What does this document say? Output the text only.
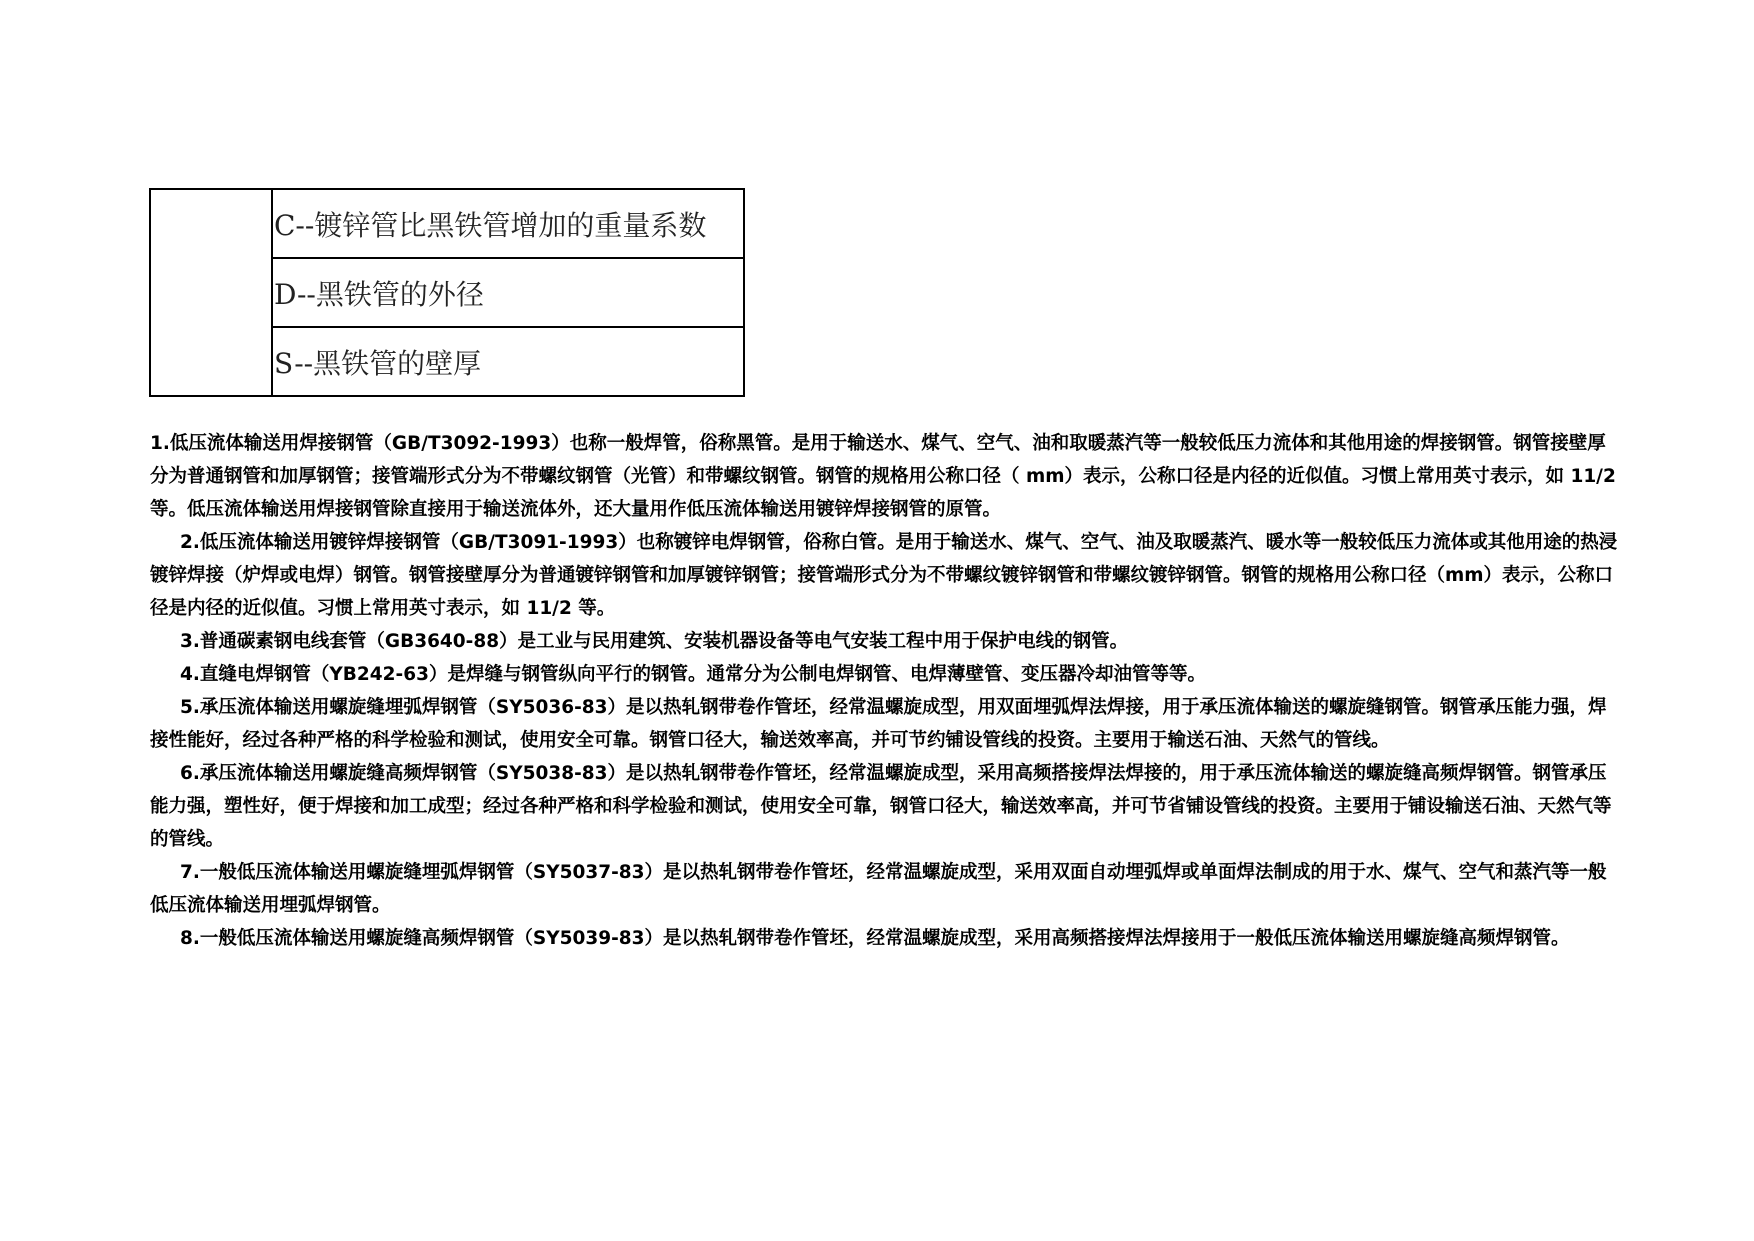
	C--镀锌管比黑铁管增加的重量系数
D--黑铁管的外径
S--黑铁管的壁厚

1.低压流体输送用焊接钢管（GB/T3092-1993）也称一般焊管，俗称黑管。是用于输送水、煤气、空气、油和取暖蒸汽等一般较低压力流体和其他用途的焊接钢管。钢管接壁厚分为普通钢管和加厚钢管；接管端形式分为不带螺纹钢管（光管）和带螺纹钢管。钢管的规格用公称口径（ mm）表示，公称口径是内径的近似值。习惯上常用英寸表示，如 11/2 等。低压流体输送用焊接钢管除直接用于输送流体外，还大量用作低压流体输送用镀锌焊接钢管的原管。

2.低压流体输送用镀锌焊接钢管（GB/T3091-1993）也称镀锌电焊钢管，俗称白管。是用于输送水、煤气、空气、油及取暖蒸汽、暖水等一般较低压力流体或其他用途的热浸镀锌焊接（炉焊或电焊）钢管。钢管接壁厚分为普通镀锌钢管和加厚镀锌钢管；接管端形式分为不带螺纹镀锌钢管和带螺纹镀锌钢管。钢管的规格用公称口径（mm）表示，公称口径是内径的近似值。习惯上常用英寸表示，如 11/2 等。

3.普通碳素钢电线套管（GB3640-88）是工业与民用建筑、安装机器设备等电气安装工程中用于保护电线的钢管。

4.直缝电焊钢管（YB242-63）是焊缝与钢管纵向平行的钢管。通常分为公制电焊钢管、电焊薄壁管、变压器冷却油管等等。

5.承压流体输送用螺旋缝埋弧焊钢管（SY5036-83）是以热轧钢带卷作管坯，经常温螺旋成型，用双面埋弧焊法焊接，用于承压流体输送的螺旋缝钢管。钢管承压能力强，焊接性能好，经过各种严格的科学检验和测试，使用安全可靠。钢管口径大，输送效率高，并可节约铺设管线的投资。主要用于输送石油、天然气的管线。

6.承压流体输送用螺旋缝高频焊钢管（SY5038-83）是以热轧钢带卷作管坯，经常温螺旋成型，采用高频搭接焊法焊接的，用于承压流体输送的螺旋缝高频焊钢管。钢管承压能力强，塑性好，便于焊接和加工成型；经过各种严格和科学检验和测试，使用安全可靠，钢管口径大，输送效率高，并可节省铺设管线的投资。主要用于铺设输送石油、天然气等的管线。

7.一般低压流体输送用螺旋缝埋弧焊钢管（SY5037-83）是以热轧钢带卷作管坯，经常温螺旋成型，采用双面自动埋弧焊或单面焊法制成的用于水、煤气、空气和蒸汽等一般低压流体输送用埋弧焊钢管。

8.一般低压流体输送用螺旋缝高频焊钢管（SY5039-83）是以热轧钢带卷作管坯，经常温螺旋成型，采用高频搭接焊法焊接用于一般低压流体输送用螺旋缝高频焊钢管。
